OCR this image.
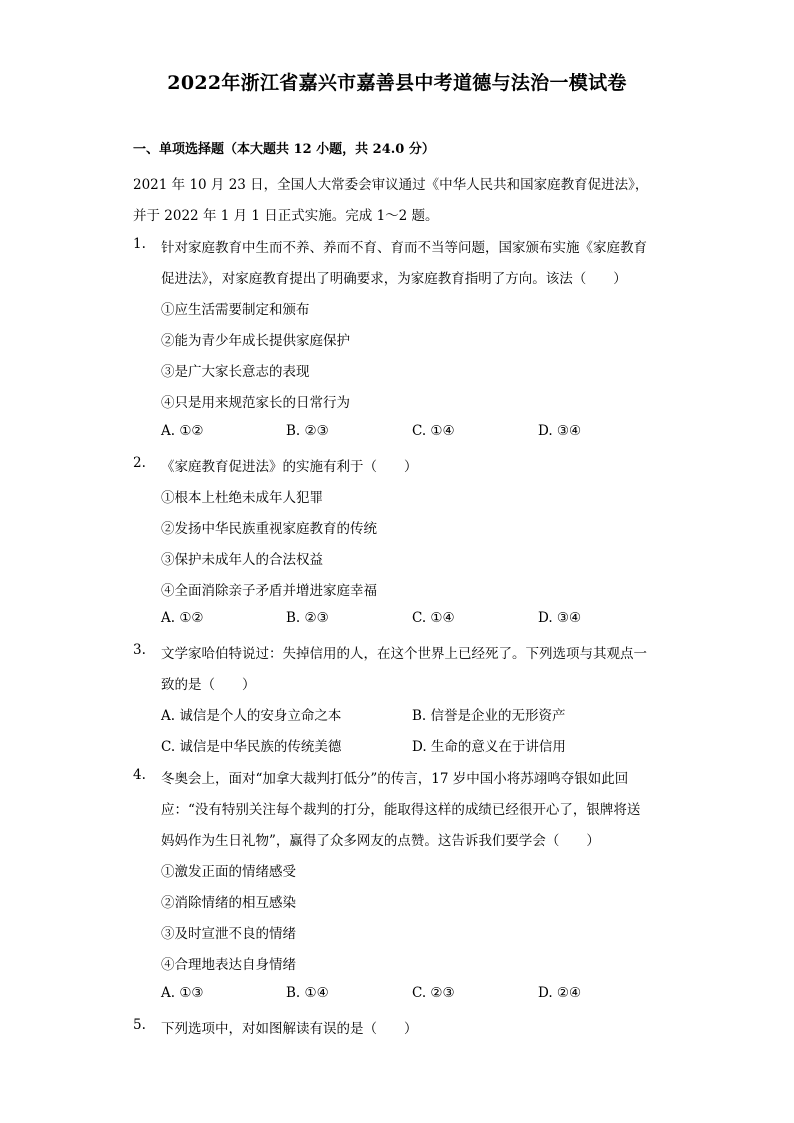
2022年浙江省嘉兴市嘉善县中考道德与法治一模试卷
一、单项选择题（本大题共 12 小题，共 24.0 分）
2021 年 10 月 23 日，全国人大常委会审议通过《中华人民共和国家庭教育促进法》，
并于 2022 年 1 月 1 日正式实施。完成 1～2 题。
1. 针对家庭教育中生而不养、养而不育、育而不当等问题，国家颁布实施《家庭教育
促进法》，对家庭教育提出了明确要求，为家庭教育指明了方向。该法（　　）
①应生活需要制定和颁布
②能为青少年成长提供家庭保护
③是广大家长意志的表现
④只是用来规范家长的日常行为
A. ①②	B. ②③	C. ①④	D. ③④
2. 《家庭教育促进法》的实施有利于（　　）
①根本上杜绝未成年人犯罪
②发扬中华民族重视家庭教育的传统
③保护未成年人的合法权益
④全面消除亲子矛盾并增进家庭幸福
A. ①②	B. ②③	C. ①④	D. ③④
3. 文学家哈伯特说过：失掉信用的人，在这个世界上已经死了。下列选项与其观点一
致的是（　　）
A. 诚信是个人的安身立命之本	B. 信誉是企业的无形资产
C. 诚信是中华民族的传统美德	D. 生命的意义在于讲信用
4. 冬奥会上，面对“加拿大裁判打低分”的传言，17 岁中国小将苏翊鸣夺银如此回
应：“没有特别关注每个裁判的打分，能取得这样的成绩已经很开心了，银牌将送
妈妈作为生日礼物”，赢得了众多网友的点赞。这告诉我们要学会（　　）
①激发正面的情绪感受
②消除情绪的相互感染
③及时宣泄不良的情绪
④合理地表达自身情绪
A. ①③	B. ①④	C. ②③	D. ②④
5. 下列选项中，对如图解读有误的是（　　）
